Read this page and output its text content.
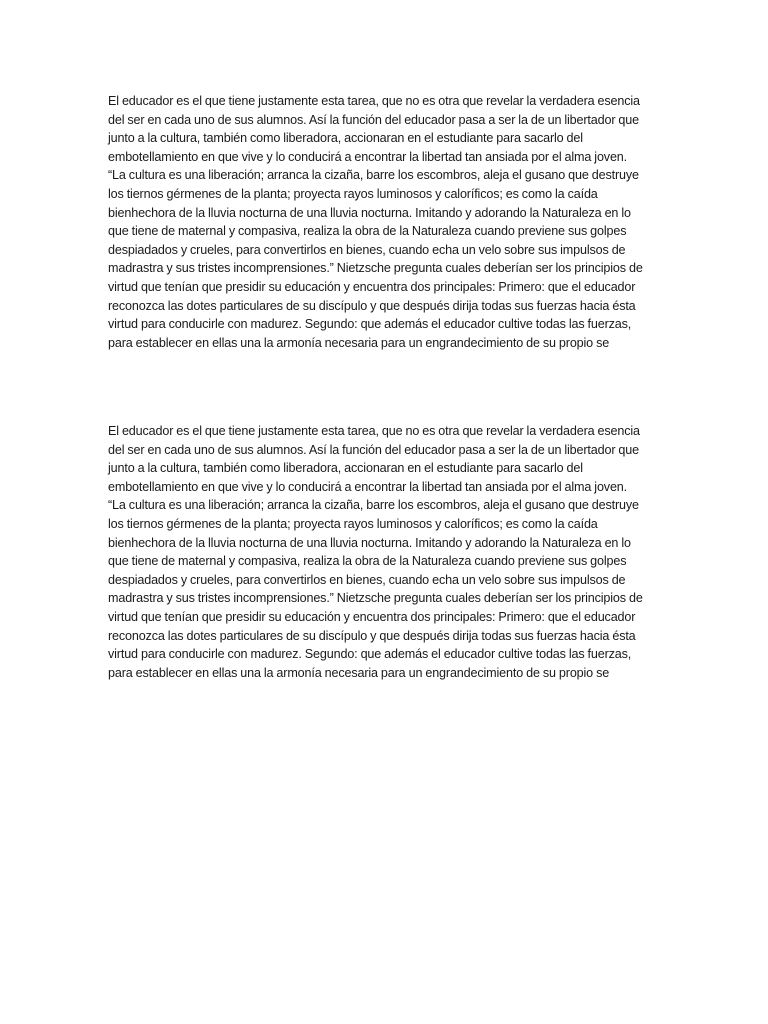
El educador es el que tiene justamente esta tarea, que no es otra que revelar la verdadera esencia
del ser en cada uno de sus alumnos. Así la función del educador pasa a ser la de un libertador que
junto a la cultura, también como liberadora, accionaran en el estudiante para sacarlo del
embotellamiento en que vive y lo conducirá a encontrar la libertad tan ansiada por el alma joven.
“La cultura es una liberación; arranca la cizaña, barre los escombros, aleja el gusano que destruye
los tiernos gérmenes de la planta; proyecta rayos luminosos y caloríficos; es como la caída
bienhechora de la lluvia nocturna de una lluvia nocturna. Imitando y adorando la Naturaleza en lo
que tiene de maternal y compasiva, realiza la obra de la Naturaleza cuando previene sus golpes
despiadados y crueles, para convertirlos en bienes, cuando echa un velo sobre sus impulsos de
madrastra y sus tristes incomprensiones.” Nietzsche pregunta cuales deberían ser los principios de
virtud que tenían que presidir su educación y encuentra dos principales: Primero: que el educador
reconozca las dotes particulares de su discípulo y que después dirija todas sus fuerzas hacia ésta
virtud para conducirle con madurez. Segundo: que además el educador cultive todas las fuerzas,
para establecer en ellas una la armonía necesaria para un engrandecimiento de su propio se

El educador es el que tiene justamente esta tarea, que no es otra que revelar la verdadera esencia
del ser en cada uno de sus alumnos. Así la función del educador pasa a ser la de un libertador que
junto a la cultura, también como liberadora, accionaran en el estudiante para sacarlo del
embotellamiento en que vive y lo conducirá a encontrar la libertad tan ansiada por el alma joven.
“La cultura es una liberación; arranca la cizaña, barre los escombros, aleja el gusano que destruye
los tiernos gérmenes de la planta; proyecta rayos luminosos y caloríficos; es como la caída
bienhechora de la lluvia nocturna de una lluvia nocturna. Imitando y adorando la Naturaleza en lo
que tiene de maternal y compasiva, realiza la obra de la Naturaleza cuando previene sus golpes
despiadados y crueles, para convertirlos en bienes, cuando echa un velo sobre sus impulsos de
madrastra y sus tristes incomprensiones.” Nietzsche pregunta cuales deberían ser los principios de
virtud que tenían que presidir su educación y encuentra dos principales: Primero: que el educador
reconozca las dotes particulares de su discípulo y que después dirija todas sus fuerzas hacia ésta
virtud para conducirle con madurez. Segundo: que además el educador cultive todas las fuerzas,
para establecer en ellas una la armonía necesaria para un engrandecimiento de su propio se
